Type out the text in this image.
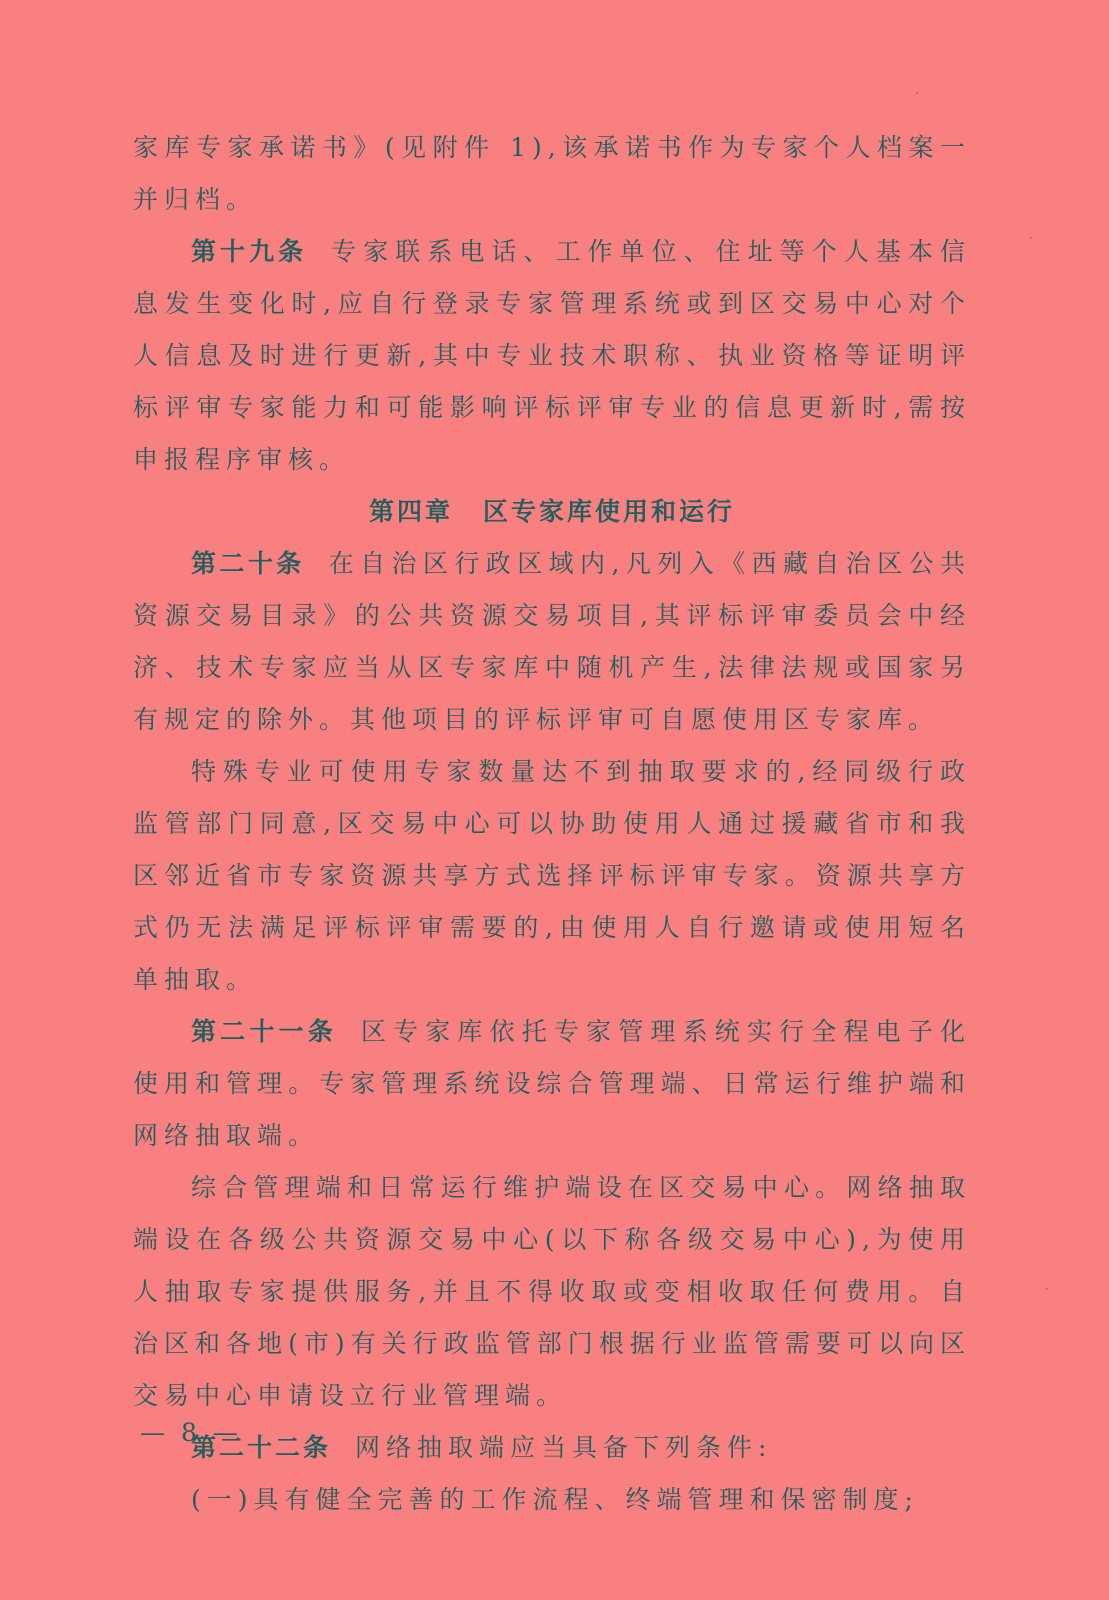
家库专家承诺书》(见附件 1),该承诺书作为专家个人档案一并归档。

第十九条 专家联系电话、工作单位、住址等个人基本信息发生变化时,应自行登录专家管理系统或到区交易中心对个人信息及时进行更新,其中专业技术职称、执业资格等证明评标评审专家能力和可能影响评标评审专业的信息更新时,需按申报程序审核。

第四章 区专家库使用和运行

第二十条 在自治区行政区域内,凡列入《西藏自治区公共资源交易目录》的公共资源交易项目,其评标评审委员会中经济、技术专家应当从区专家库中随机产生,法律法规或国家另有规定的除外。其他项目的评标评审可自愿使用区专家库。

特殊专业可使用专家数量达不到抽取要求的,经同级行政监管部门同意,区交易中心可以协助使用人通过援藏省市和我区邻近省市专家资源共享方式选择评标评审专家。资源共享方式仍无法满足评标评审需要的,由使用人自行邀请或使用短名单抽取。

第二十一条 区专家库依托专家管理系统实行全程电子化使用和管理。专家管理系统设综合管理端、日常运行维护端和网络抽取端。

综合管理端和日常运行维护端设在区交易中心。网络抽取端设在各级公共资源交易中心(以下称各级交易中心),为使用人抽取专家提供服务,并且不得收取或变相收取任何费用。自治区和各地(市)有关行政监管部门根据行业监管需要可以向区交易中心申请设立行业管理端。

第二十二条 网络抽取端应当具备下列条件:

(一)具有健全完善的工作流程、终端管理和保密制度;

— 8 —
